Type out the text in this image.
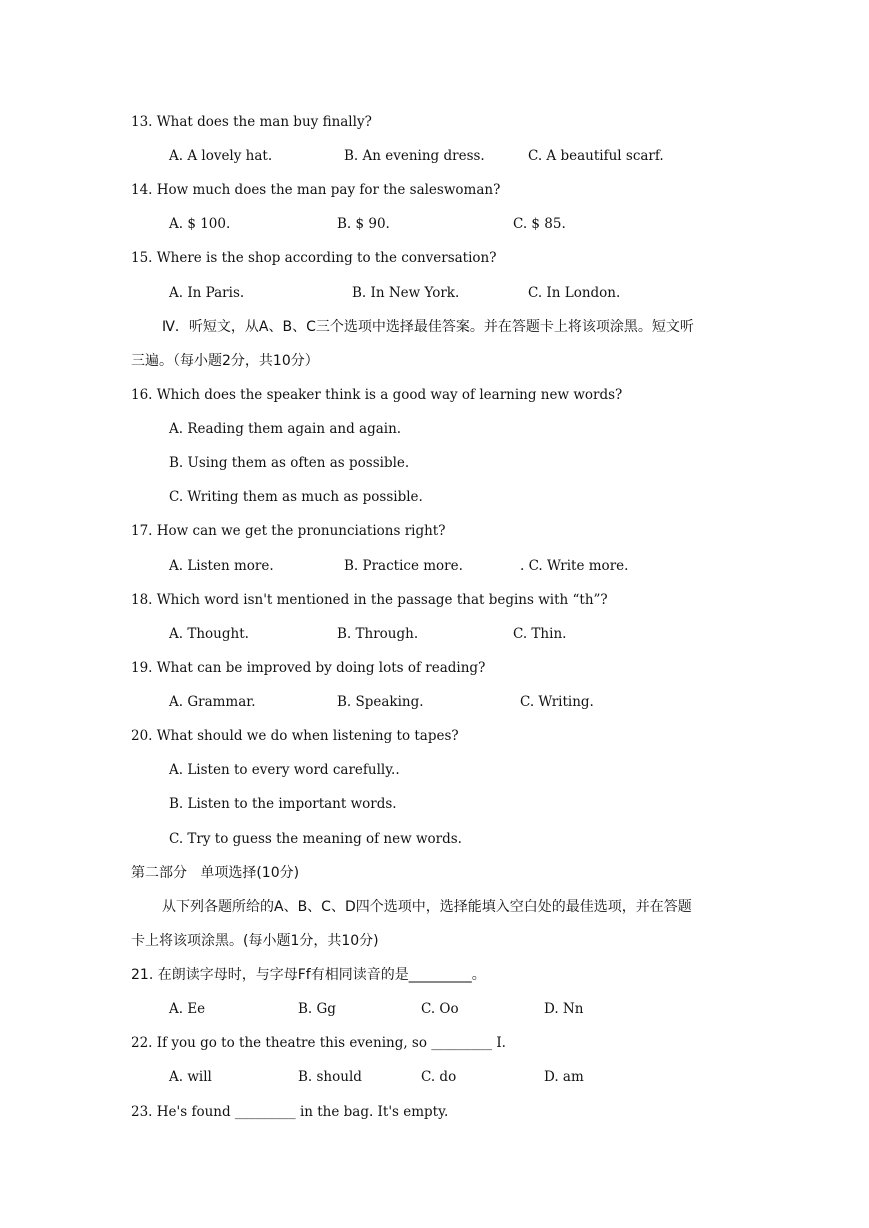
13. What does the man buy finally?
A. A lovely hat.	B. An evening dress.	C. A beautiful scarf.
14. How much does the man pay for the saleswoman?
A. $ 100.	B. $ 90.	C. $ 85.
15. Where is the shop according to the conversation?
A. In Paris.	B. In New York.	C. In London.
Ⅳ．听短文，从A、B、C三个选项中选择最佳答案。并在答题卡上将该项涂黑。短文听
三遍。（每小题2分，共10分）
16. Which does the speaker think is a good way of learning new words?
A. Reading them again and again.
B. Using them as often as possible.
C. Writing them as much as possible.
17. How can we get the pronunciations right?
A. Listen more.	B. Practice more.	. C. Write more.
18. Which word isn't mentioned in the passage that begins with “th”?
A. Thought.	B. Through.	C. Thin.
19. What can be improved by doing lots of reading?
A. Grammar.	B. Speaking.	C. Writing.
20. What should we do when listening to tapes?
A. Listen to every word carefully..
B. Listen to the important words.
C. Try to guess the meaning of new words.
第二部分   单项选择(10分)
从下列各题所给的A、B、C、D四个选项中，选择能填入空白处的最佳选项，并在答题
卡上将该项涂黑。(每小题1分，共10分)
21. 在朗读字母时，与字母Ff有相同读音的是_________。
A. Ee	B. Gg	C. Oo	D. Nn
22. If you go to the theatre this evening, so _________ I.
A. will	B. should	C. do	D. am
23. He's found _________ in the bag. It's empty.
